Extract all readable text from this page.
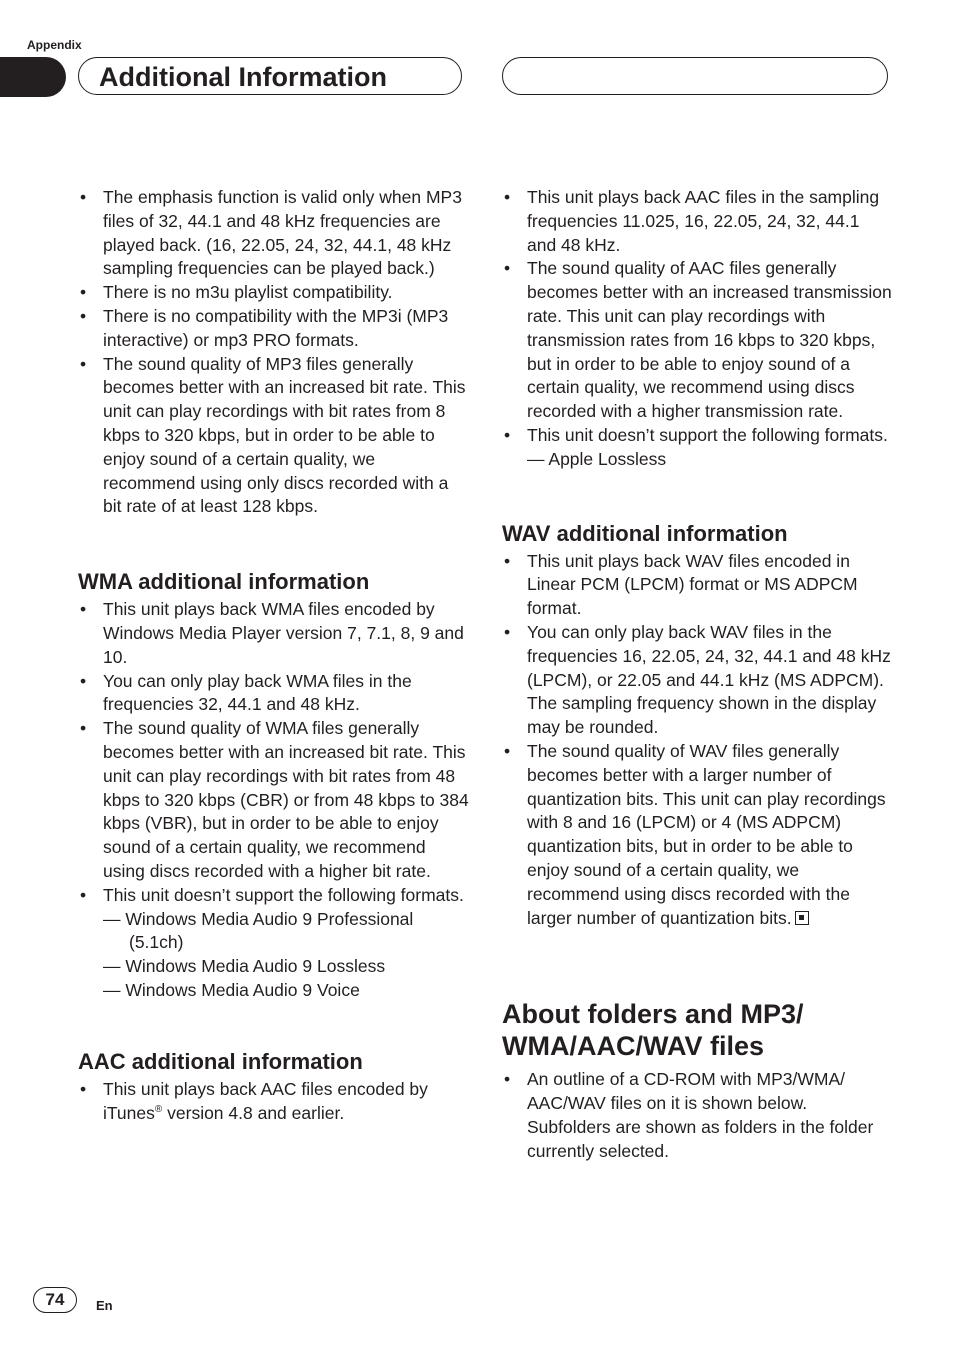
Appendix
Additional Information
• The emphasis function is valid only when MP3 files of 32, 44.1 and 48 kHz frequencies are played back. (16, 22.05, 24, 32, 44.1, 48 kHz sampling frequencies can be played back.)
• There is no m3u playlist compatibility.
• There is no compatibility with the MP3i (MP3 interactive) or mp3 PRO formats.
• The sound quality of MP3 files generally becomes better with an increased bit rate. This unit can play recordings with bit rates from 8 kbps to 320 kbps, but in order to be able to enjoy sound of a certain quality, we recommend using only discs recorded with a bit rate of at least 128 kbps.
WMA additional information
• This unit plays back WMA files encoded by Windows Media Player version 7, 7.1, 8, 9 and 10.
• You can only play back WMA files in the frequencies 32, 44.1 and 48 kHz.
• The sound quality of WMA files generally becomes better with an increased bit rate. This unit can play recordings with bit rates from 48 kbps to 320 kbps (CBR) or from 48 kbps to 384 kbps (VBR), but in order to be able to enjoy sound of a certain quality, we recommend using discs recorded with a higher bit rate.
• This unit doesn’t support the following formats.
— Windows Media Audio 9 Professional (5.1ch)
— Windows Media Audio 9 Lossless
— Windows Media Audio 9 Voice
AAC additional information
• This unit plays back AAC files encoded by iTunes® version 4.8 and earlier.
• This unit plays back AAC files in the sampling frequencies 11.025, 16, 22.05, 24, 32, 44.1 and 48 kHz.
• The sound quality of AAC files generally becomes better with an increased transmission rate. This unit can play recordings with transmission rates from 16 kbps to 320 kbps, but in order to be able to enjoy sound of a certain quality, we recommend using discs recorded with a higher transmission rate.
• This unit doesn’t support the following formats.
— Apple Lossless
WAV additional information
• This unit plays back WAV files encoded in Linear PCM (LPCM) format or MS ADPCM format.
• You can only play back WAV files in the frequencies 16, 22.05, 24, 32, 44.1 and 48 kHz (LPCM), or 22.05 and 44.1 kHz (MS ADPCM). The sampling frequency shown in the display may be rounded.
• The sound quality of WAV files generally becomes better with a larger number of quantization bits. This unit can play recordings with 8 and 16 (LPCM) or 4 (MS ADPCM) quantization bits, but in order to be able to enjoy sound of a certain quality, we recommend using discs recorded with the larger number of quantization bits.
About folders and MP3/ WMA/AAC/WAV files
• An outline of a CD-ROM with MP3/WMA/ AAC/WAV files on it is shown below. Subfolders are shown as folders in the folder currently selected.
74	En
